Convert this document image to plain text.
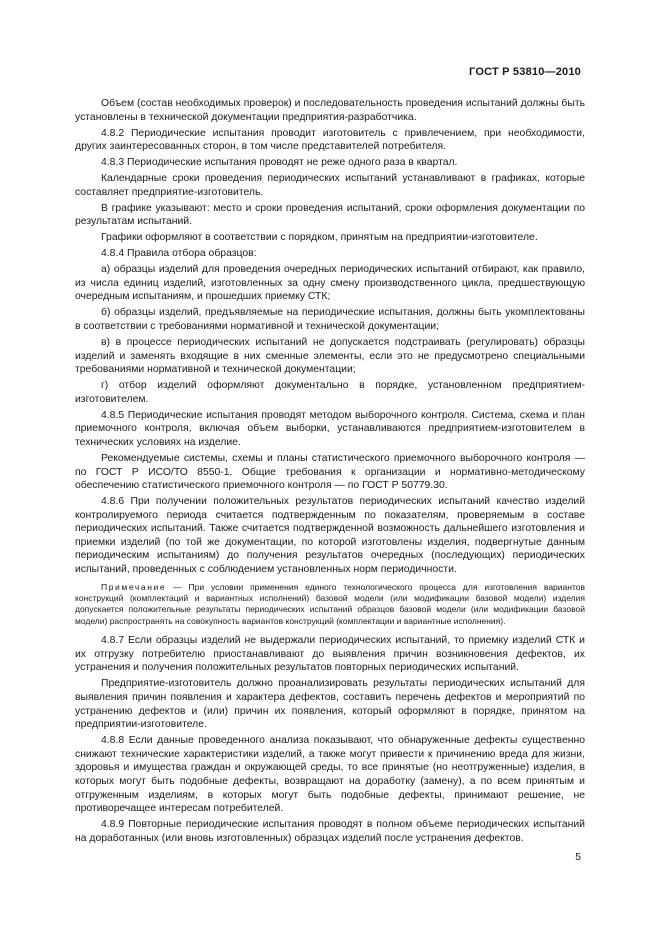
ГОСТ Р 53810—2010

Объем (состав необходимых проверок) и последовательность проведения испытаний должны быть установлены в технической документации предприятия-разработчика.

4.8.2 Периодические испытания проводит изготовитель с привлечением, при необходимости, других заинтересованных сторон, в том числе представителей потребителя.

4.8.3 Периодические испытания проводят не реже одного раза в квартал.

Календарные сроки проведения периодических испытаний устанавливают в графиках, которые составляет предприятие-изготовитель.

В графике указывают: место и сроки проведения испытаний, сроки оформления документации по результатам испытаний.

Графики оформляют в соответствии с порядком, принятым на предприятии-изготовителе.

4.8.4 Правила отбора образцов:

а) образцы изделий для проведения очередных периодических испытаний отбирают, как правило, из числа единиц изделий, изготовленных за одну смену производственного цикла, предшествующую очередным испытаниям, и прошедших приемку СТК;

б) образцы изделий, предъявляемые на периодические испытания, должны быть укомплектованы в соответствии с требованиями нормативной и технической документации;

в) в процессе периодических испытаний не допускается подстраивать (регулировать) образцы изделий и заменять входящие в них сменные элементы, если это не предусмотрено специальными требованиями нормативной и технической документации;

г) отбор изделий оформляют документально в порядке, установленном предприятием-изготовителем.

4.8.5 Периодические испытания проводят методом выборочного контроля. Система, схема и план приемочного контроля, включая объем выборки, устанавливаются предприятием-изготовителем в технических условиях на изделие.

Рекомендуемые системы, схемы и планы статистического приемочного выборочного контроля — по ГОСТ Р ИСО/ТО 8550-1. Общие требования к организации и нормативно-методическому обеспечению статистического приемочного контроля — по ГОСТ Р 50779.30.

4.8.6 При получении положительных результатов периодических испытаний качество изделий контролируемого периода считается подтвержденным по показателям, проверяемым в составе периодических испытаний. Также считается подтвержденной возможность дальнейшего изготовления и приемки изделий (по той же документации, по которой изготовлены изделия, подвергнутые данным периодическим испытаниям) до получения результатов очередных (последующих) периодических испытаний, проведенных с соблюдением установленных норм периодичности.

Примечание — При условии применения единого технологического процесса для изготовления вариантов конструкций (комплектаций и вариантных исполнений) базовой модели (или модификации базовой модели) изделия допускается положительные результаты периодических испытаний образцов базовой модели (или модификации базовой модели) распространять на совокупность вариантов конструкций (комплектации и вариантные исполнения).

4.8.7 Если образцы изделий не выдержали периодических испытаний, то приемку изделий СТК и их отгрузку потребителю приостанавливают до выявления причин возникновения дефектов, их устранения и получения положительных результатов повторных периодических испытаний.

Предприятие-изготовитель должно проанализировать результаты периодических испытаний для выявления причин появления и характера дефектов, составить перечень дефектов и мероприятий по устранению дефектов и (или) причин их появления, который оформляют в порядке, принятом на предприятии-изготовителе.

4.8.8 Если данные проведенного анализа показывают, что обнаруженные дефекты существенно снижают технические характеристики изделий, а также могут привести к причинению вреда для жизни, здоровья и имущества граждан и окружающей среды, то все принятые (но неотгруженные) изделия, в которых могут быть подобные дефекты, возвращают на доработку (замену), а по всем принятым и отгруженным изделиям, в которых могут быть подобные дефекты, принимают решение, не противоречащее интересам потребителей.

4.8.9 Повторные периодические испытания проводят в полном объеме периодических испытаний на доработанных (или вновь изготовленных) образцах изделий после устранения дефектов.

5
